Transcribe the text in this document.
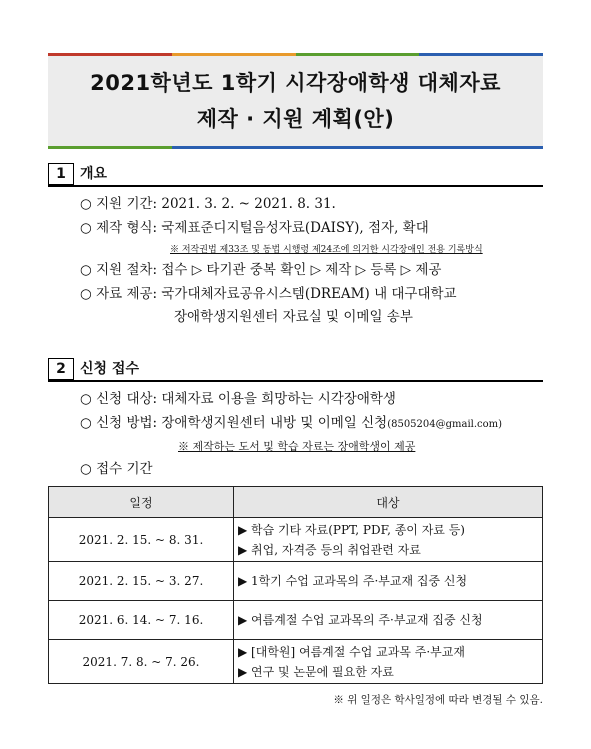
2021학년도 1학기 시각장애학생 대체자료
제작 · 지원 계획(안)
1	개요
○ 지원 기간: 2021. 3. 2. ~ 2021. 8. 31.
○ 제작 형식: 국제표준디지털음성자료(DAISY), 점자, 확대
※ 저작권법 제33조 및 동법 시행령 제24조에 의거한 시각장애인 전용 기록방식
○ 지원 절차: 접수 ▷ 타기관 중복 확인 ▷ 제작 ▷ 등록 ▷ 제공
○ 자료 제공: 국가대체자료공유시스템(DREAM) 내 대구대학교
장애학생지원센터 자료실 및 이메일 송부
2	신청 접수
○ 신청 대상: 대체자료 이용을 희망하는 시각장애학생
○ 신청 방법: 장애학생지원센터 내방 및 이메일 신청(8505204@gmail.com)
※ 제작하는 도서 및 학습 자료는 장애학생이 제공
○ 접수 기간
일정	대상
2021. 2. 15. ~ 8. 31.	▶ 학습 기타 자료(PPT, PDF, 종이 자료 등)
▶ 취업, 자격증 등의 취업관련 자료

2021. 2. 15. ~ 3. 27.	▶ 1학기 수업 교과목의 주·부교재 집중 신청

2021. 6. 14. ~ 7. 16.	▶ 여름계절 수업 교과목의 주·부교재 집중 신청

2021. 7. 8. ~ 7. 26.	▶ [대학원] 여름계절 수업 교과목 주·부교재
▶ 연구 및 논문에 필요한 자료
※ 위 일정은 학사일정에 따라 변경될 수 있음.
